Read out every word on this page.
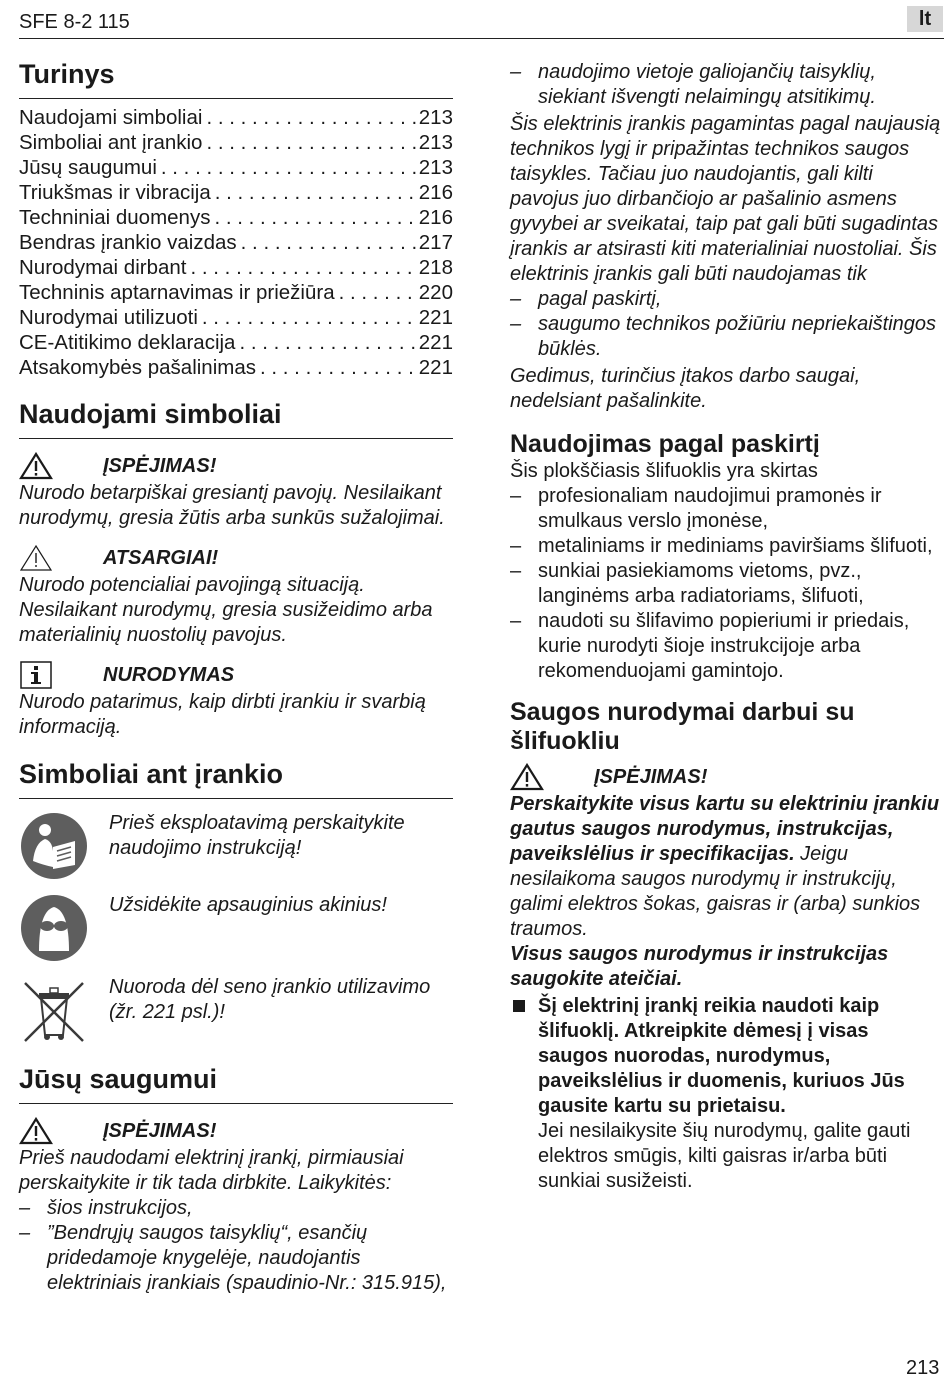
SFE 8-2 115	lt
Turinys
Naudojami simboliai . . .	213
Simboliai ant įrankio . . .	213
Jūsų saugumui . . .	213
Triukšmas ir vibracija . . .	216
Techniniai duomenys . . .	216
Bendras įrankio vaizdas . . .	217
Nurodymai dirbant . . .	218
Techninis aptarnavimas ir priežiūra . . .	220
Nurodymai utilizuoti . . .	221
CE-Atitikimo deklaracija . . .	221
Atsakomybės pašalinimas . . .	221
Naudojami simboliai
ĮSPĖJIMAS!

Nurodo betarpiškai gresiantį pavojų. Nesilaikant nurodymų, gresia žūtis arba sunkūs sužalojimai.

ATSARGIAI!

Nurodo potencialiai pavojingą situaciją. Nesilaikant nurodymų, gresia susižeidimo arba materialinių nuostolių pavojus.

NURODYMAS

Nurodo patarimus, kaip dirbti įrankiu ir svarbią informaciją.

Simboliai ant įrankio
Prieš eksploatavimą perskaitykite naudojimo instrukciją!
Užsidėkite apsauginius akinius!
Nuoroda dėl seno įrankio utilizavimo (žr. 221 psl.)!
Jūsų saugumui
ĮSPĖJIMAS!

Prieš naudodami elektrinį įrankį, pirmiausiai perskaitykite ir tik tada dirbkite. Laikykitės:

– šios instrukcijos,
– ”Bendrųjų saugos taisyklių“, esančių pridedamoje knygelėje, naudojantis elektriniais įrankiais (spaudinio-Nr.: 315.915),
– naudojimo vietoje galiojančių taisyklių, siekiant išvengti nelaimingų atsitikimų.

Šis elektrinis įrankis pagamintas pagal naujausią technikos lygį ir pripažintas technikos saugos taisykles. Tačiau juo naudojantis, gali kilti pavojus juo dirbančiojo ar pašalinio asmens gyvybei ar sveikatai, taip pat gali būti sugadintas įrankis ar atsirasti kiti materialiniai nuostoliai. Šis elektrinis įrankis gali būti naudojamas tik

– pagal paskirtį,
– saugumo technikos požiūriu nepriekaištingos būklės.

Gedimus, turinčius įtakos darbo saugai, nedelsiant pašalinkite.

Naudojimas pagal paskirtį

Šis plokščiasis šlifuoklis yra skirtas

– profesionaliam naudojimui pramonės ir smulkaus verslo įmonėse,
– metaliniams ir mediniams paviršiams šlifuoti,
– sunkiai pasiekiamoms vietoms, pvz., langinėms arba radiatoriams, šlifuoti,
– naudoti su šlifavimo popieriumi ir priedais, kurie nurodyti šioje instrukcijoje arba rekomenduojami gamintojo.
Saugos nurodymai darbui su šlifuokliu
ĮSPĖJIMAS!

Perskaitykite visus kartu su elektriniu įrankiu gautus saugos nurodymus, instrukcijas, paveikslėlius ir specifikacijas. Jeigu nesilaikoma saugos nurodymų ir instrukcijų, galimi elektros šokas, gaisras ir (arba) sunkios traumos.

Visus saugos nurodymus ir instrukcijas saugokite ateičiai.

Šį elektrinį įrankį reikia naudoti kaip šlifuoklį. Atkreipkite dėmesį į visas saugos nuorodas, nurodymus, paveikslėlius ir duomenis, kuriuos Jūs gausite kartu su prietaisu.

Jei nesilaikysite šių nurodymų, galite gauti elektros smūgis, kilti gaisras ir/arba būti sunkiai susižeisti.

213
